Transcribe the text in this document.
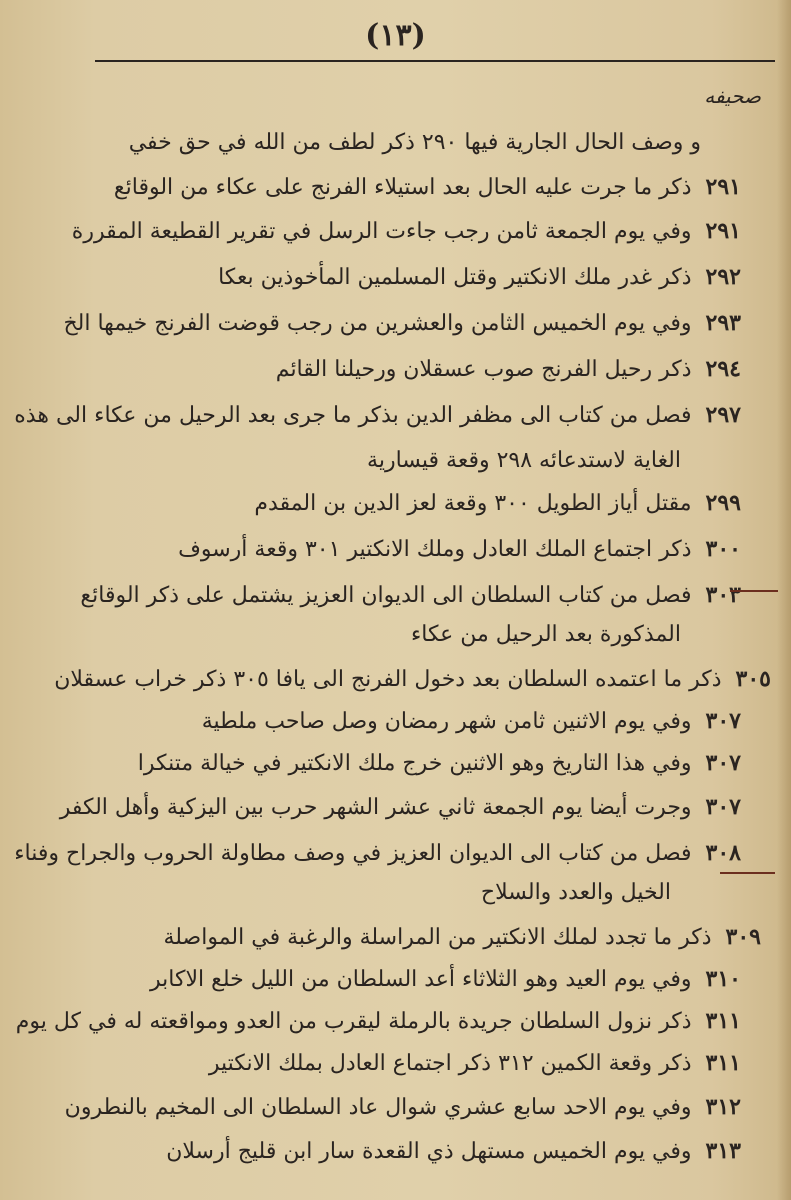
(١٣)
صحيفه
و وصف الحال الجارية فيها ٢٩٠ ذكر لطف من الله في حق خفي
٢٩١ذكر ما جرت عليه الحال بعد استيلاء الفرنج على عكاء من الوقائع
٢٩١وفي يوم الجمعة ثامن رجب جاءت الرسل في تقرير القطيعة المقررة
٢٩٢ذكر غدر ملك الانكتير وقتل المسلمين المأخوذين بعكا
٢٩٣وفي يوم الخميس الثامن والعشرين من رجب قوضت الفرنج خيمها الخ
٢٩٤ذكر رحيل الفرنج صوب عسقلان ورحيلنا القائم
٢٩٧فصل من كتاب الى مظفر الدين بذكر ما جرى بعد الرحيل من عكاء الى هذه
الغاية لاستدعائه ٢٩٨ وقعة قيسارية
٢٩٩مقتل أياز الطويل ٣٠٠ وقعة لعز الدين بن المقدم
٣٠٠ذكر اجتماع الملك العادل وملك الانكتير ٣٠١ وقعة أرسوف
٣٠٣فصل من كتاب السلطان الى الديوان العزيز يشتمل على ذكر الوقائع
المذكورة بعد الرحيل من عكاء
٣٠٥ذكر ما اعتمده السلطان بعد دخول الفرنج الى يافا ٣٠٥ ذكر خراب عسقلان
٣٠٧وفي يوم الاثنين ثامن شهر رمضان وصل صاحب ملطية
٣٠٧وفي هذا التاريخ وهو الاثنين خرج ملك الانكتير في خيالة متنكرا
٣٠٧وجرت أيضا يوم الجمعة ثاني عشر الشهر حرب بين اليزكية وأهل الكفر
٣٠٨فصل من كتاب الى الديوان العزيز في وصف مطاولة الحروب والجراح وفناء
الخيل والعدد والسلاح
٣٠٩ذكر ما تجدد لملك الانكتير من المراسلة والرغبة في المواصلة
٣١٠وفي يوم العيد وهو الثلاثاء أعد السلطان من الليل خلع الاكابر
٣١١ذكر نزول السلطان جريدة بالرملة ليقرب من العدو ومواقعته له في كل يوم
٣١١ذكر وقعة الكمين ٣١٢ ذكر اجتماع العادل بملك الانكتير
٣١٢وفي يوم الاحد سابع عشري شوال عاد السلطان الى المخيم بالنطرون
٣١٣وفي يوم الخميس مستهل ذي القعدة سار ابن قليج أرسلان
